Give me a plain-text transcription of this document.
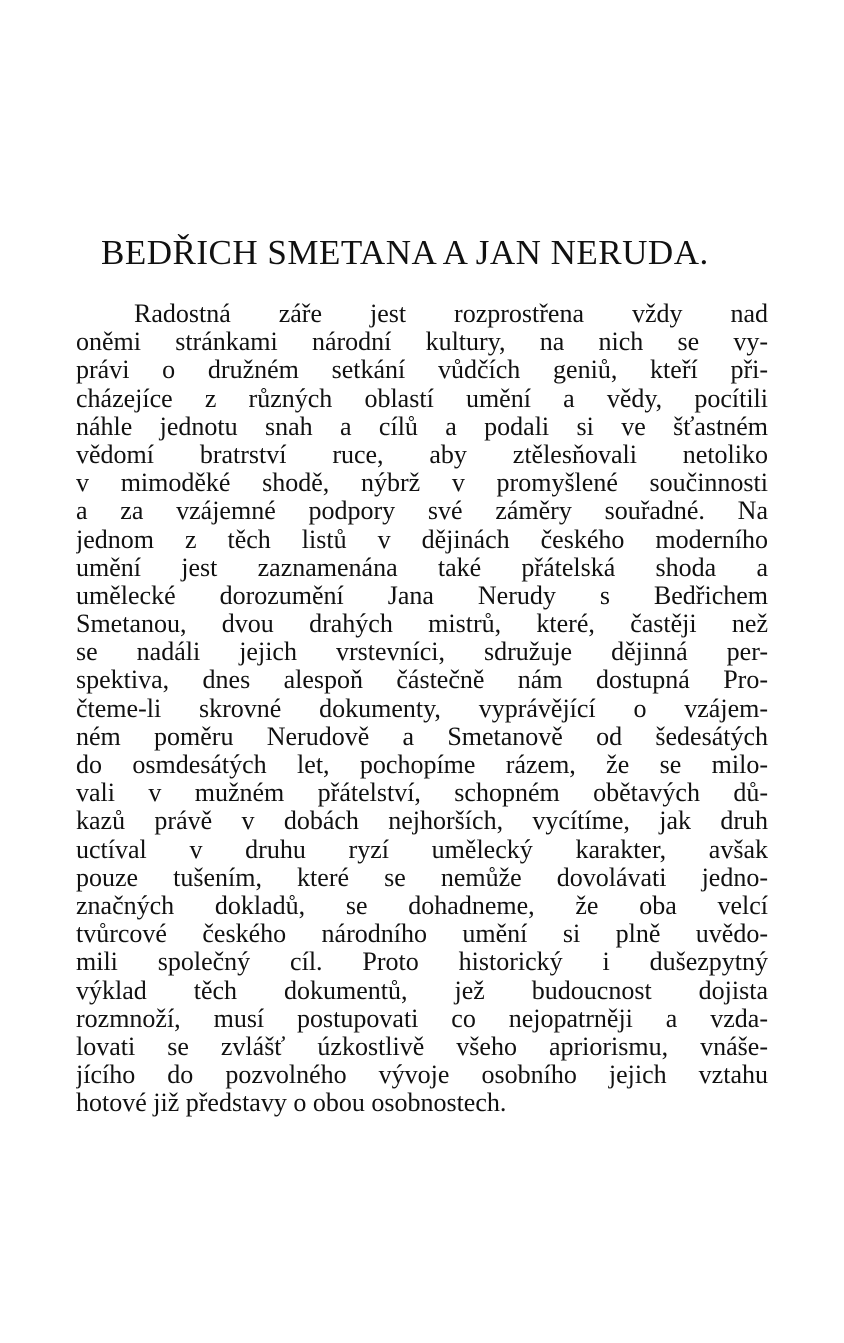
BEDŘICH SMETANA A JAN NERUDA.
Radostná záře jest rozprostřena vždy nad
oněmi stránkami národní kultury, na nich se vy-
právi o družném setkání vůdčích geniů, kteří při-
cházejíce z různých oblastí umění a vědy, pocítili
náhle jednotu snah a cílů a podali si ve šťastném
vědomí bratrství ruce, aby ztělesňovali netoliko
v mimoděké shodě, nýbrž v promyšlené součinnosti
a za vzájemné podpory své záměry souřadné. Na
jednom z těch listů v dějinách českého moderního
umění jest zaznamenána také přátelská shoda a
umělecké dorozumění Jana Nerudy s Bedřichem
Smetanou, dvou drahých mistrů, které, častěji než
se nadáli jejich vrstevníci, sdružuje dějinná per-
spektiva, dnes alespoň částečně nám dostupná Pro-
čteme-li skrovné dokumenty, vyprávějící o vzájem-
ném poměru Nerudově a Smetanově od šedesátých
do osmdesátých let, pochopíme rázem, že se milo-
vali v mužném přátelství, schopném obětavých dů-
kazů právě v dobách nejhorších, vycítíme, jak druh
uctíval v druhu ryzí umělecký karakter, avšak
pouze tušením, které se nemůže dovolávati jedno-
značných dokladů, se dohadneme, že oba velcí
tvůrcové českého národního umění si plně uvědo-
mili společný cíl. Proto historický i dušezpytný
výklad těch dokumentů, jež budoucnost dojista
rozmnoží, musí postupovati co nejopatrněji a vzda-
lovati se zvlášť úzkostlivě všeho apriorismu, vnáše-
jícího do pozvolného vývoje osobního jejich vztahu
hotové již představy o obou osobnostech.
